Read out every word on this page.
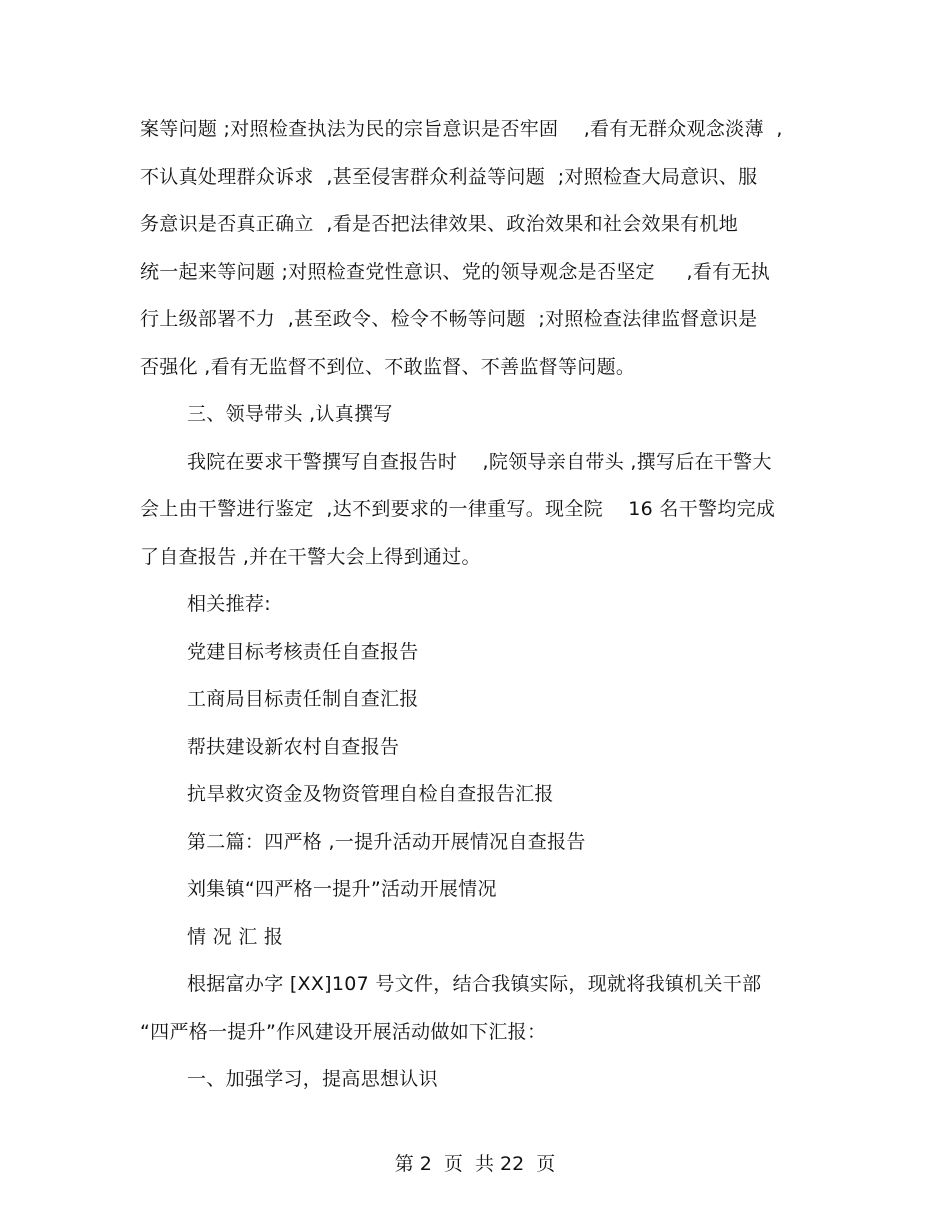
案等问题 ;对照检查执法为民的宗旨意识是否牢固    ,看有无群众观念淡薄  ,
不认真处理群众诉求  ,甚至侵害群众利益等问题  ;对照检查大局意识、服
务意识是否真正确立  ,看是否把法律效果、政治效果和社会效果有机地
统一起来等问题 ;对照检查党性意识、党的领导观念是否坚定     ,看有无执
行上级部署不力  ,甚至政令、检令不畅等问题  ;对照检查法律监督意识是
否强化 ,看有无监督不到位、不敢监督、不善监督等问题。
三、领导带头 ,认真撰写
我院在要求干警撰写自查报告时    ,院领导亲自带头 ,撰写后在干警大
会上由干警进行鉴定  ,达不到要求的一律重写。现全院    16 名干警均完成
了自查报告 ,并在干警大会上得到通过。
相关推荐:
党建目标考核责任自查报告
工商局目标责任制自查汇报
帮扶建设新农村自查报告
抗旱救灾资金及物资管理自检自查报告汇报
第二篇：四严格 ,一提升活动开展情况自查报告
刘集镇“四严格一提升”活动开展情况
情 况 汇 报
根据富办字 [XX]107 号文件，结合我镇实际，现就将我镇机关干部
“四严格一提升”作风建设开展活动做如下汇报：
一、加强学习，提高思想认识
第 2  页  共 22  页
